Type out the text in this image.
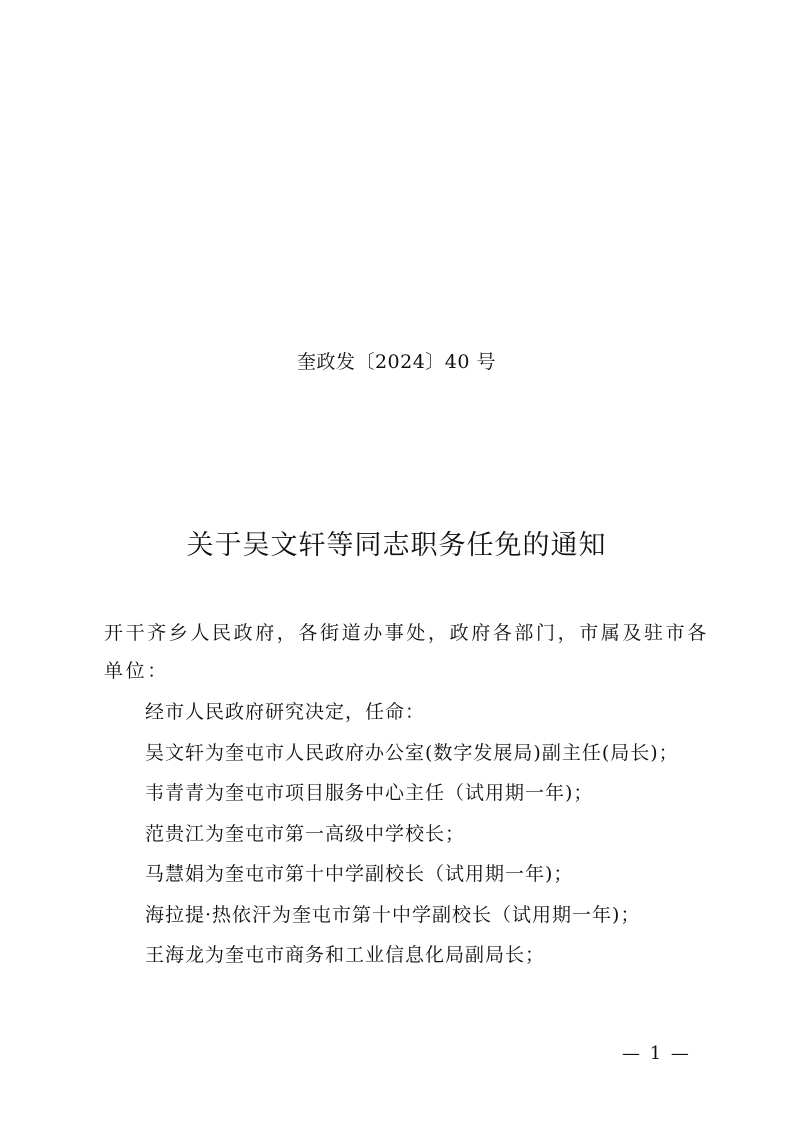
奎政发〔2024〕40 号
关于吴文轩等同志职务任免的通知
开干齐乡人民政府，各街道办事处，政府各部门，市属及驻市各
单位：
经市人民政府研究决定，任命：
吴文轩为奎屯市人民政府办公室(数字发展局)副主任(局长)；
韦青青为奎屯市项目服务中心主任（试用期一年)；
范贵江为奎屯市第一高级中学校长；
马慧娟为奎屯市第十中学副校长（试用期一年)；
海拉提·热依汗为奎屯市第十中学副校长（试用期一年)；
王海龙为奎屯市商务和工业信息化局副局长；
— 1 —
